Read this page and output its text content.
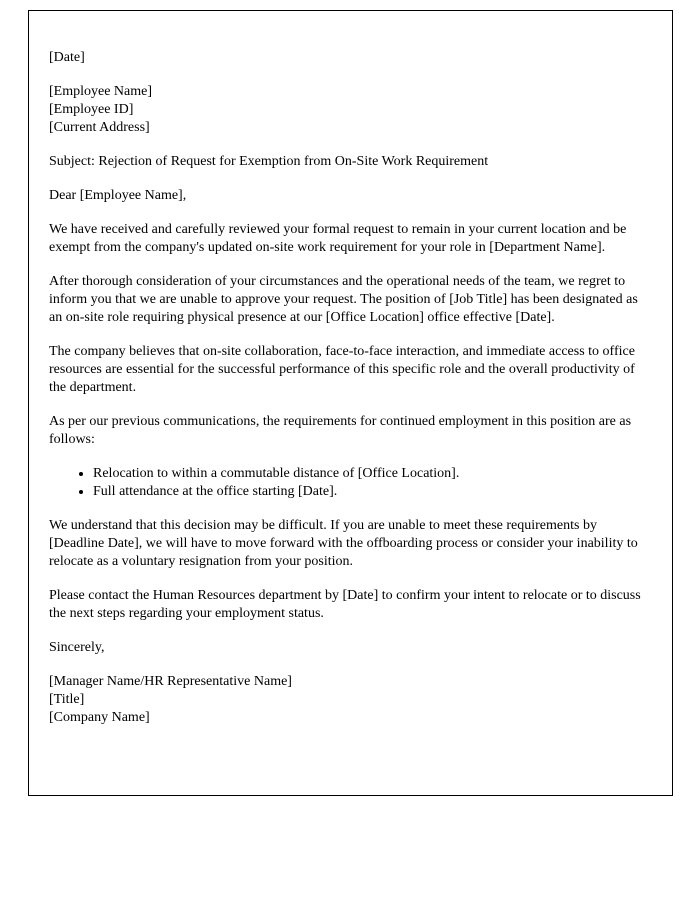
[Date]
[Employee Name]
[Employee ID]
[Current Address]
Subject: Rejection of Request for Exemption from On-Site Work Requirement
Dear [Employee Name],
We have received and carefully reviewed your formal request to remain in your current location and be exempt from the company's updated on-site work requirement for your role in [Department Name].
After thorough consideration of your circumstances and the operational needs of the team, we regret to inform you that we are unable to approve your request. The position of [Job Title] has been designated as an on-site role requiring physical presence at our [Office Location] office effective [Date].
The company believes that on-site collaboration, face-to-face interaction, and immediate access to office resources are essential for the successful performance of this specific role and the overall productivity of the department.
As per our previous communications, the requirements for continued employment in this position are as follows:
• Relocation to within a commutable distance of [Office Location].
• Full attendance at the office starting [Date].
We understand that this decision may be difficult. If you are unable to meet these requirements by [Deadline Date], we will have to move forward with the offboarding process or consider your inability to relocate as a voluntary resignation from your position.
Please contact the Human Resources department by [Date] to confirm your intent to relocate or to discuss the next steps regarding your employment status.
Sincerely,
[Manager Name/HR Representative Name]
[Title]
[Company Name]
